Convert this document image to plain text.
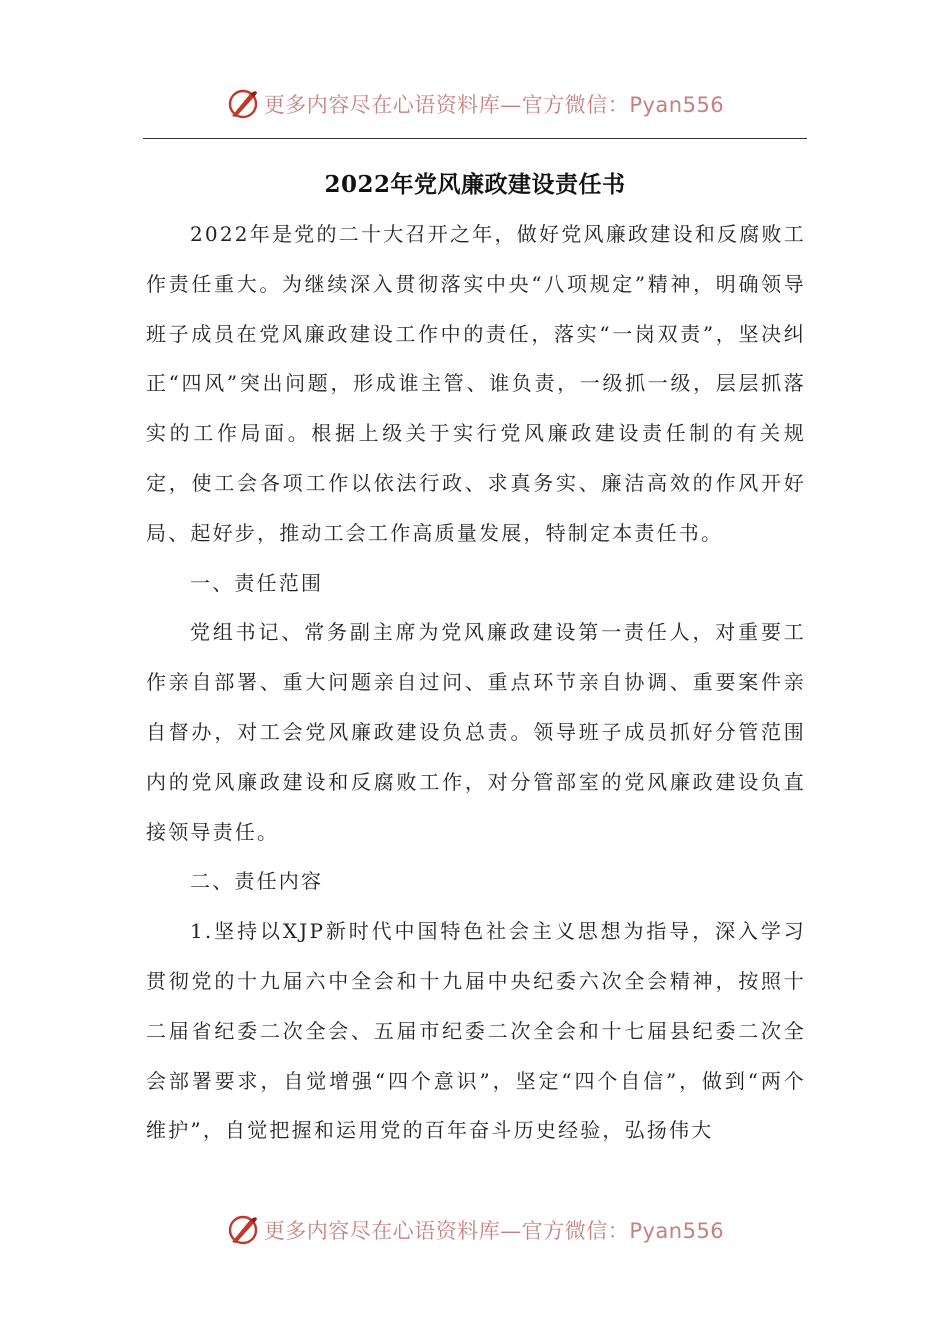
更多内容尽在心语资料库—官方微信：Pyan556
2022年党风廉政建设责任书

2022年是党的二十大召开之年，做好党风廉政建设和反腐败工作责任重大。为继续深入贯彻落实中央“八项规定”精神，明确领导班子成员在党风廉政建设工作中的责任，落实“一岗双责”，坚决纠正“四风”突出问题，形成谁主管、谁负责，一级抓一级，层层抓落实的工作局面。根据上级关于实行党风廉政建设责任制的有关规定，使工会各项工作以依法行政、求真务实、廉洁高效的作风开好局、起好步，推动工会工作高质量发展，特制定本责任书。

一、责任范围

党组书记、常务副主席为党风廉政建设第一责任人，对重要工作亲自部署、重大问题亲自过问、重点环节亲自协调、重要案件亲自督办，对工会党风廉政建设负总责。领导班子成员抓好分管范围内的党风廉政建设和反腐败工作，对分管部室的党风廉政建设负直接领导责任。

二、责任内容

1.坚持以XJP新时代中国特色社会主义思想为指导，深入学习贯彻党的十九届六中全会和十九届中央纪委六次全会精神，按照十二届省纪委二次全会、五届市纪委二次全会和十七届县纪委二次全会部署要求，自觉增强“四个意识”，坚定“四个自信”，做到“两个维护”，自觉把握和运用党的百年奋斗历史经验，弘扬伟大

更多内容尽在心语资料库—官方微信：Pyan556
